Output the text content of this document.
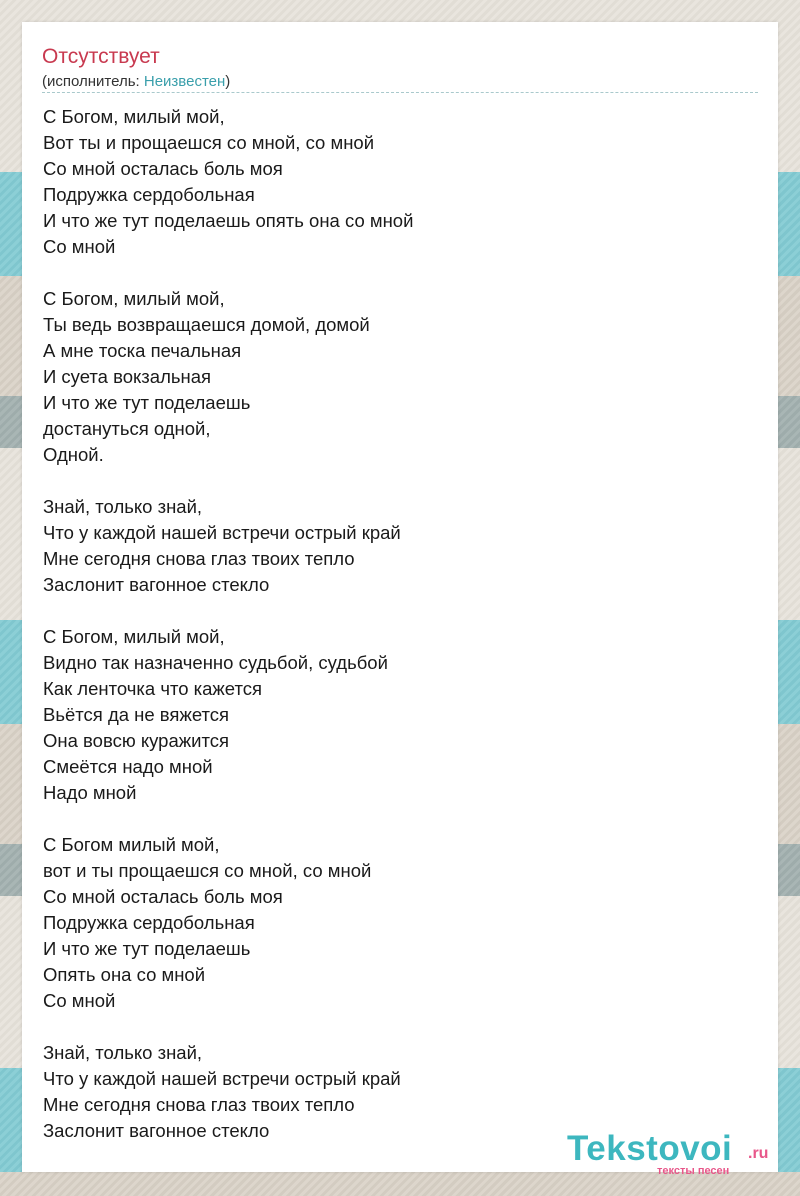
Отсутствует
(исполнитель: Неизвестен)
С Богом, милый мой,
Вот ты и прощаешся со мной, со мной
Со мной осталась боль моя
Подружка сердобольная
И что же тут поделаешь опять она со мной
Со мной
С Богом, милый мой,
Ты ведь возвращаешся домой, домой
А мне тоска печальная
И суета вокзальная
И что же тут поделаешь
достануться одной,
Одной.
Знай, только знай,
Что у каждой нашей встречи острый край
Мне сегодня снова глаз твоих тепло
Заслонит вагонное стекло
С Богом, милый мой,
Видно так назначенно судьбой, судьбой
Как ленточка что кажется
Вьётся да не вяжется
Она вовсю куражится
Смеётся надо мной
Надо мной
С Богом милый мой,
вот и ты прощаешся со мной, со мной
Со мной осталась боль моя
Подружка сердобольная
И что же тут поделаешь
Опять она со мной
Со мной
Знай, только знай,
Что у каждой нашей встречи острый край
Мне сегодня снова глаз твоих тепло
Заслонит вагонное стекло	Tekstovoi .ru
тексты песен
